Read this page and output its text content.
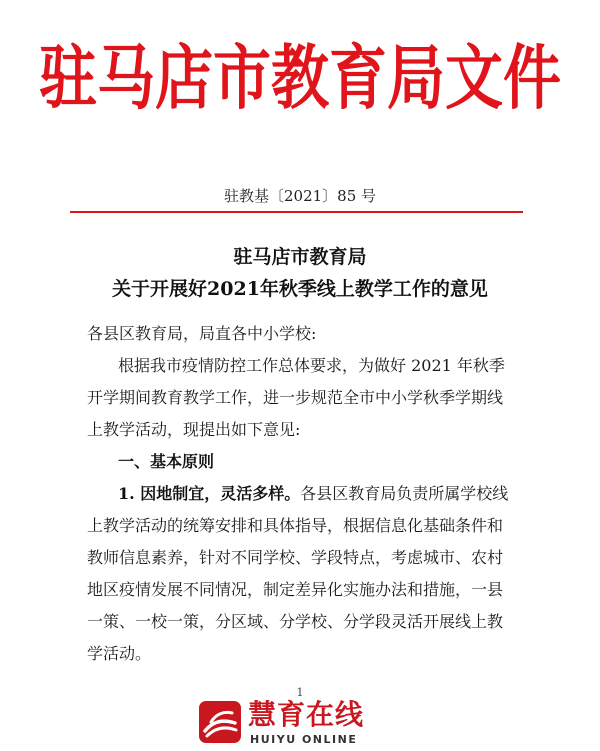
驻马店市教育局文件
驻教基〔2021〕85 号
驻马店市教育局
关于开展好2021年秋季线上教学工作的意见
各县区教育局，局直各中小学校:
根据我市疫情防控工作总体要求，为做好 2021 年秋季
开学期间教育教学工作，进一步规范全市中小学秋季学期线
上教学活动，现提出如下意见:
一、基本原则
1. 因地制宜，灵活多样。各县区教育局负责所属学校线
上教学活动的统筹安排和具体指导，根据信息化基础条件和
教师信息素养，针对不同学校、学段特点，考虑城市、农村
地区疫情发展不同情况，制定差异化实施办法和措施，一县
一策、一校一策，分区域、分学校、分学段灵活开展线上教
学活动。
1
慧育在线
HUIYU ONLINE
